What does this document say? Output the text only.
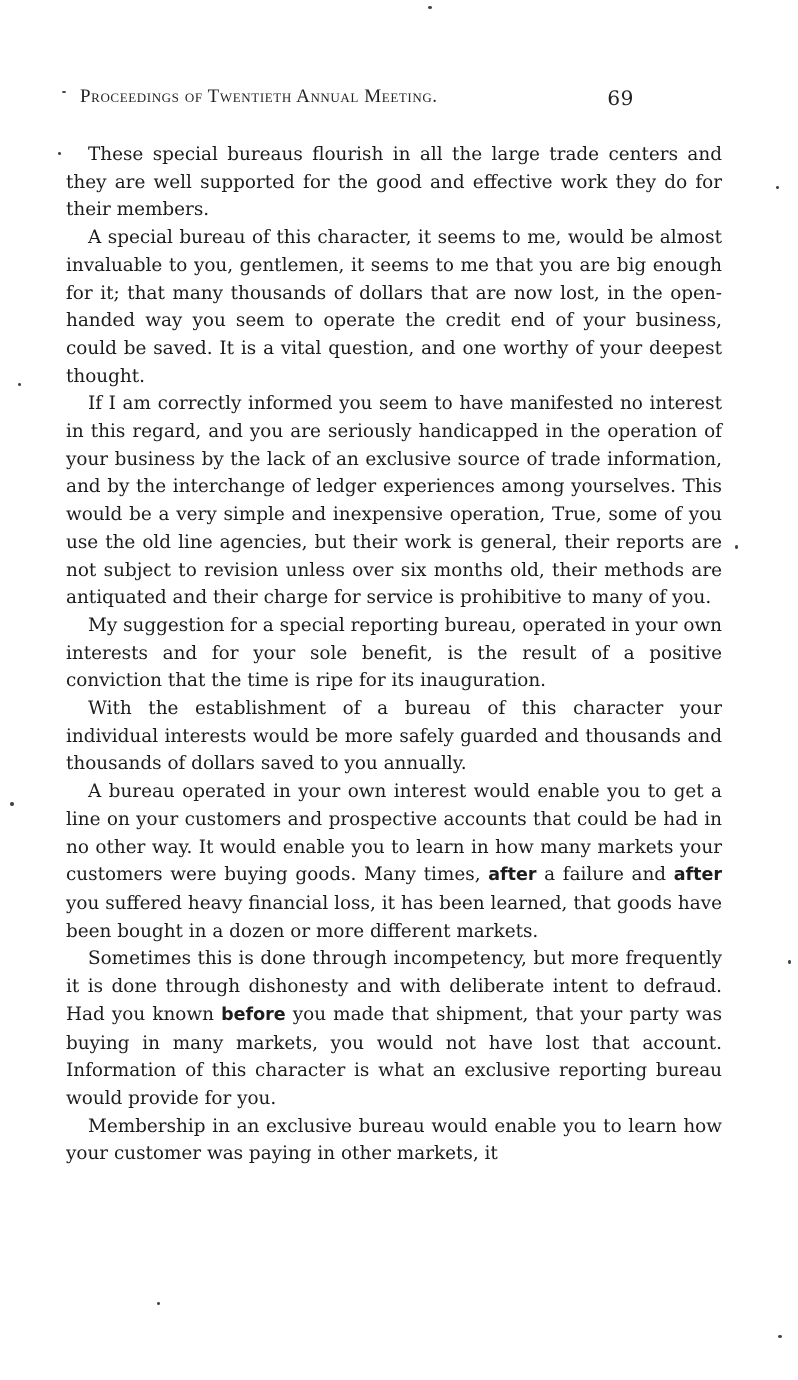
Proceedings of Twentieth Annual Meeting.	69

These special bureaus flourish in all the large trade centers and they are well supported for the good and effective work they do for their members.

A special bureau of this character, it seems to me, would be almost invaluable to you, gentlemen, it seems to me that you are big enough for it; that many thousands of dollars that are now lost, in the open-handed way you seem to operate the credit end of your business, could be saved. It is a vital question, and one worthy of your deepest thought.

If I am correctly informed you seem to have manifested no interest in this regard, and you are seriously handicapped in the operation of your business by the lack of an exclusive source of trade information, and by the interchange of ledger experiences among yourselves. This would be a very simple and inexpensive operation, True, some of you use the old line agencies, but their work is general, their reports are not subject to revision unless over six months old, their methods are antiquated and their charge for service is prohibitive to many of you.

My suggestion for a special reporting bureau, operated in your own interests and for your sole benefit, is the result of a positive conviction that the time is ripe for its inauguration.

With the establishment of a bureau of this character your individual interests would be more safely guarded and thousands and thousands of dollars saved to you annually.

A bureau operated in your own interest would enable you to get a line on your customers and prospective accounts that could be had in no other way. It would enable you to learn in how many markets your customers were buying goods. Many times, after a failure and after you suffered heavy financial loss, it has been learned, that goods have been bought in a dozen or more different markets.

Sometimes this is done through incompetency, but more frequently it is done through dishonesty and with deliberate intent to defraud. Had you known before you made that shipment, that your party was buying in many markets, you would not have lost that account. Information of this character is what an exclusive reporting bureau would provide for you.

Membership in an exclusive bureau would enable you to learn how your customer was paying in other markets, it
